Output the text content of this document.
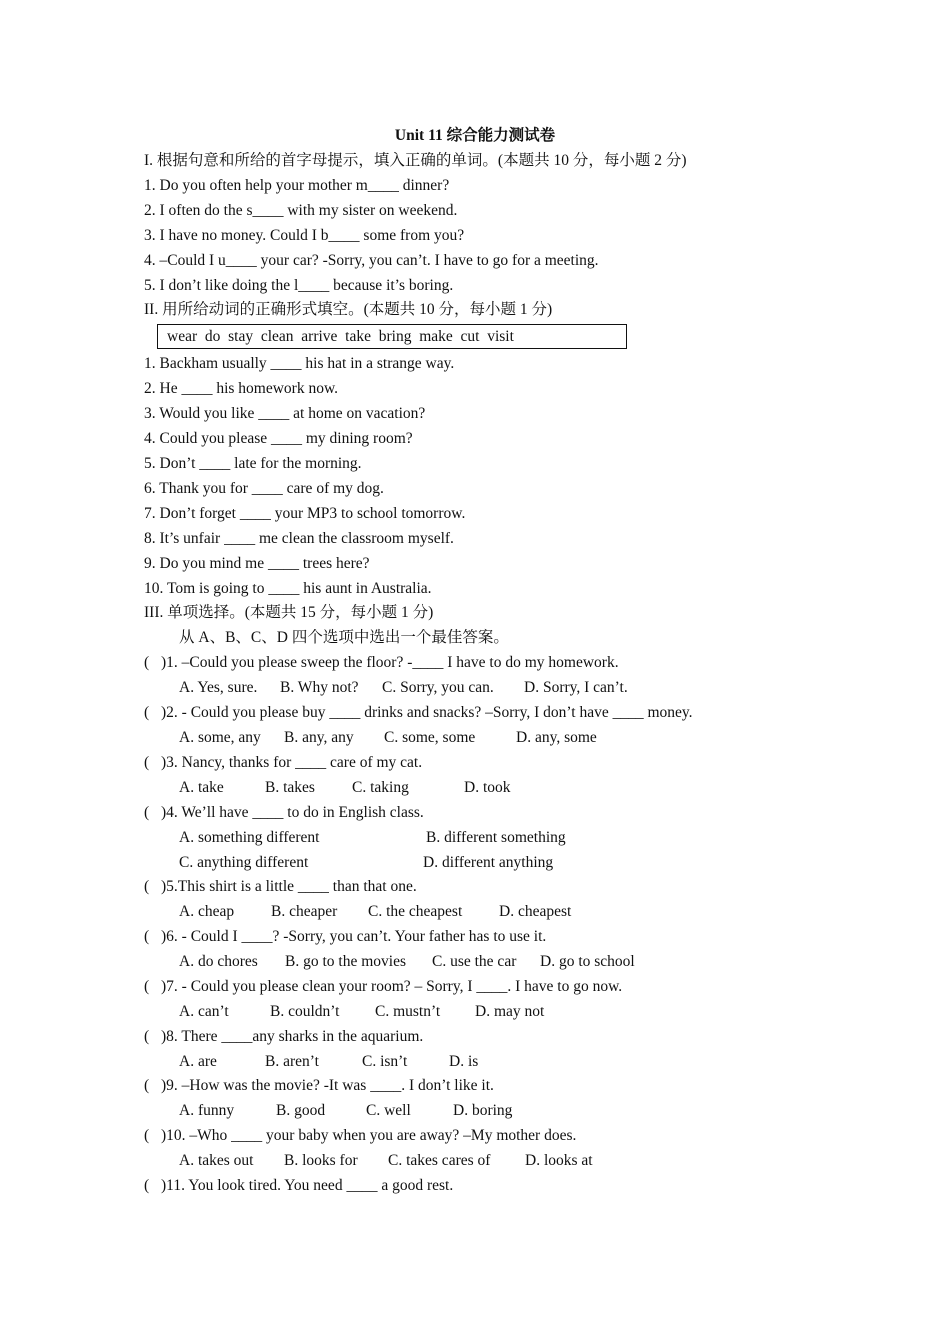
Unit 11 综合能力测试卷
I. 根据句意和所给的首字母提示，填入正确的单词。(本题共 10 分，每小题 2 分)
1. Do you often help your mother m____ dinner?
2. I often do the s____ with my sister on weekend.
3. I have no money. Could I b____ some from you?
4. –Could I u____ your car? -Sorry, you can’t. I have to go for a meeting.
5. I don’t like doing the l____ because it’s boring.
II. 用所给动词的正确形式填空。(本题共 10 分，每小题 1 分)
wear  do  stay  clean  arrive  take  bring  make  cut  visit
1. Backham usually ____ his hat in a strange way.
2. He ____ his homework now.
3. Would you like ____ at home on vacation?
4. Could you please ____ my dining room?
5. Don’t ____ late for the morning.
6. Thank you for ____ care of my dog.
7. Don’t forget ____ your MP3 to school tomorrow.
8. It’s unfair ____ me clean the classroom myself.
9. Do you mind me ____ trees here?
10. Tom is going to ____ his aunt in Australia.
III. 单项选择。(本题共 15 分，每小题 1 分)
从 A、B、C、D 四个选项中选出一个最佳答案。
( )1. –Could you please sweep the floor? -____ I have to do my homework.
A. Yes, sure. B. Why not? C. Sorry, you can. D. Sorry, I can’t.
( )2. - Could you please buy ____ drinks and snacks? –Sorry, I don’t have ____ money.
A. some, any B. any, any C. some, some	D. any, some
( )3. Nancy, thanks for ____ care of my cat.
A. take	B. takes C. taking	D. took
( )4. We’ll have ____ to do in English class.
A. something different	B. different something
C. anything different	D. different anything
( )5.This shirt is a little ____ than that one.
A. cheap B. cheaper C. the cheapest D. cheapest
( )6. - Could I ____? -Sorry, you can’t. Your father has to use it.
A. do chores B. go to the movies C. use the car D. go to school
( )7. - Could you please clean your room? – Sorry, I ____. I have to go now.
A. can’t	B. couldn’t C. mustn’t D. may not
( )8. There ____any sharks in the aquarium.
A. are	B. aren’t	C. isn’t	D. is
( )9. –How was the movie? -It was ____. I don’t like it.
A. funny	B. good	C. well	D. boring
( )10. –Who ____ your baby when you are away? –My mother does.
A. takes out B. looks for C. takes cares of D. looks at
( )11. You look tired. You need ____ a good rest.
